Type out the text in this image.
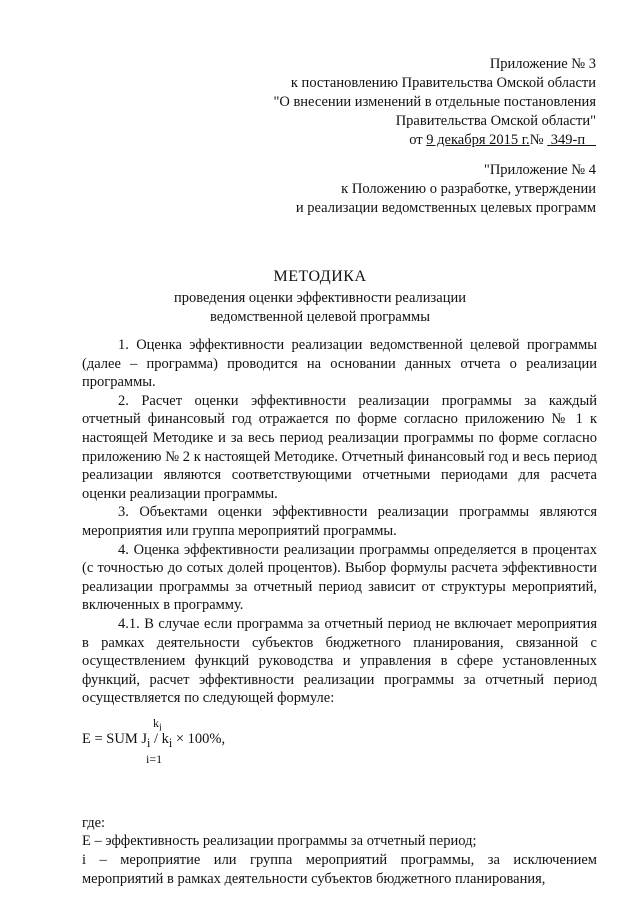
Приложение № 3
к постановлению Правительства Омской области
"О внесении изменений в отдельные постановления
Правительства Омской области"
от 9 декабря 2015 г.№  349-п
"Приложение № 4
к Положению о разработке, утверждении
и реализации ведомственных целевых программ
МЕТОДИКА
проведения оценки эффективности реализации
ведомственной целевой программы

1. Оценка эффективности реализации ведомственной целевой программы (далее – программа) проводится на основании данных отчета о реализации программы.

2. Расчет оценки эффективности реализации программы за каждый отчетный финансовый год отражается по форме согласно приложению № 1 к настоящей Методике и за весь период реализации программы по форме согласно приложению № 2 к настоящей Методике. Отчетный финансовый год и весь период реализации являются соответствующими отчетными периодами для расчета оценки реализации программы.

3. Объектами оценки эффективности реализации программы являются мероприятия или группа мероприятий программы.

4. Оценка эффективности реализации программы определяется в процентах (с точностью до сотых долей процентов). Выбор формулы расчета эффективности реализации программы за отчетный период зависит от структуры мероприятий, включенных в программу.

4.1. В случае если программа за отчетный период не включает мероприятия в рамках деятельности субъектов бюджетного планирования, связанной с осуществлением функций руководства и управления в сфере установленных функций, расчет эффективности реализации программы за отчетный период осуществляется по следующей формуле:

$k_i$
E = SUM $J_i / k_i \times 100\%$,
i=1

где:

E – эффективность реализации программы за отчетный период;

i – мероприятие или группа мероприятий программы, за исключением мероприятий в рамках деятельности субъектов бюджетного планирования,
